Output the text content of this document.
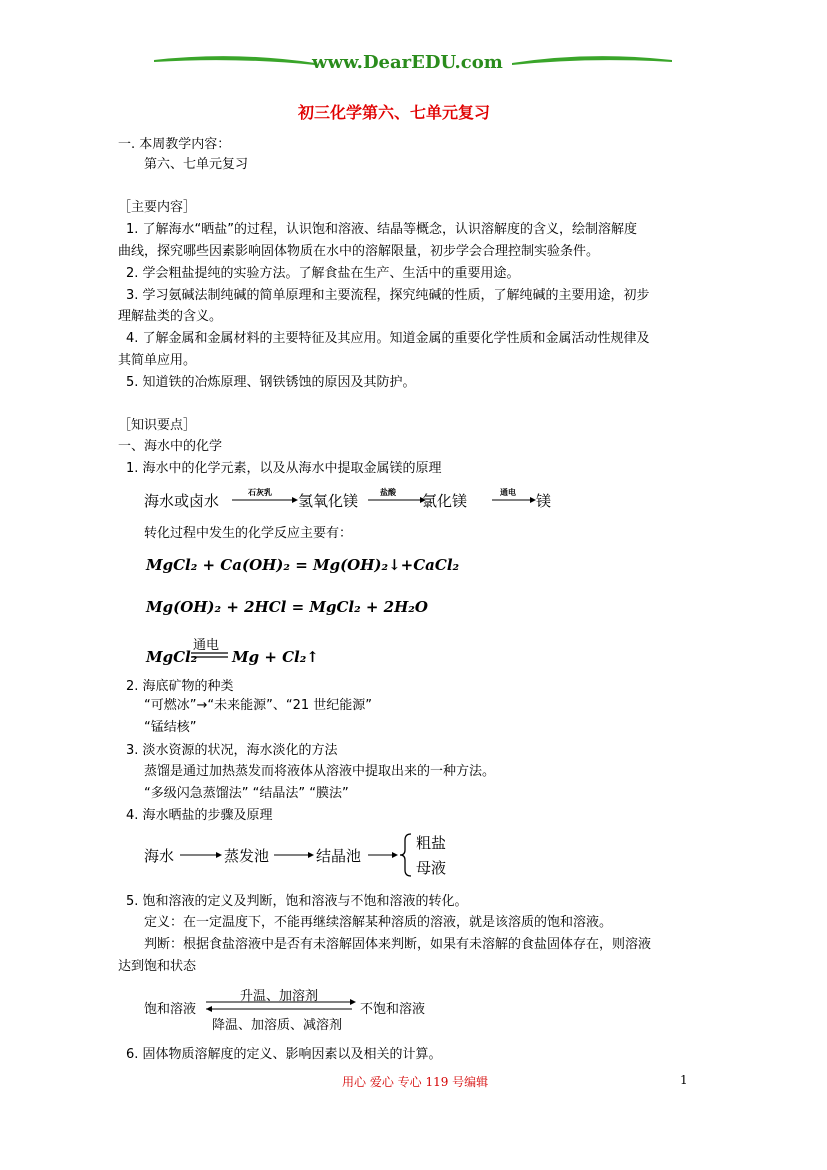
www.DearEDU.com
初三化学第六、七单元复习
一. 本周教学内容：
第六、七单元复习
［主要内容］
1. 了解海水“晒盐”的过程，认识饱和溶液、结晶等概念，认识溶解度的含义，绘制溶解度
曲线，探究哪些因素影响固体物质在水中的溶解限量，初步学会合理控制实验条件。
2. 学会粗盐提纯的实验方法。了解食盐在生产、生活中的重要用途。
3. 学习氨碱法制纯碱的简单原理和主要流程，探究纯碱的性质，了解纯碱的主要用途，初步
理解盐类的含义。
4. 了解金属和金属材料的主要特征及其应用。知道金属的重要化学性质和金属活动性规律及
其简单应用。
5. 知道铁的冶炼原理、钢铁锈蚀的原因及其防护。
［知识要点］
一、海水中的化学
1. 海水中的化学元素，以及从海水中提取金属镁的原理
海水或卤水	石灰乳 氢氧化镁	盐酸 氯化镁	通电 镁
转化过程中发生的化学反应主要有：
MgCl₂ + Ca(OH)₂ = Mg(OH)₂↓+CaCl₂
Mg(OH)₂ + 2HCl = MgCl₂ + 2H₂O
MgCl₂
通电
Mg + Cl₂↑
2. 海底矿物的种类
“可燃冰”→“未来能源”、“21 世纪能源”
“锰结核”
3. 淡水资源的状况，海水淡化的方法
蒸馏是通过加热蒸发而将液体从溶液中提取出来的一种方法。
“多级闪急蒸馏法” “结晶法” “膜法”
4. 海水晒盐的步骤及原理
海水	蒸发池	结晶池
粗盐
母液
5. 饱和溶液的定义及判断，饱和溶液与不饱和溶液的转化。
定义：在一定温度下，不能再继续溶解某种溶质的溶液，就是该溶质的饱和溶液。
判断：根据食盐溶液中是否有未溶解固体来判断，如果有未溶解的食盐固体存在，则溶液
达到饱和状态
饱和溶液
升温、加溶剂
降温、加溶质、减溶剂
不饱和溶液
6. 固体物质溶解度的定义、影响因素以及相关的计算。
用心 爱心 专心 119 号编辑	1
